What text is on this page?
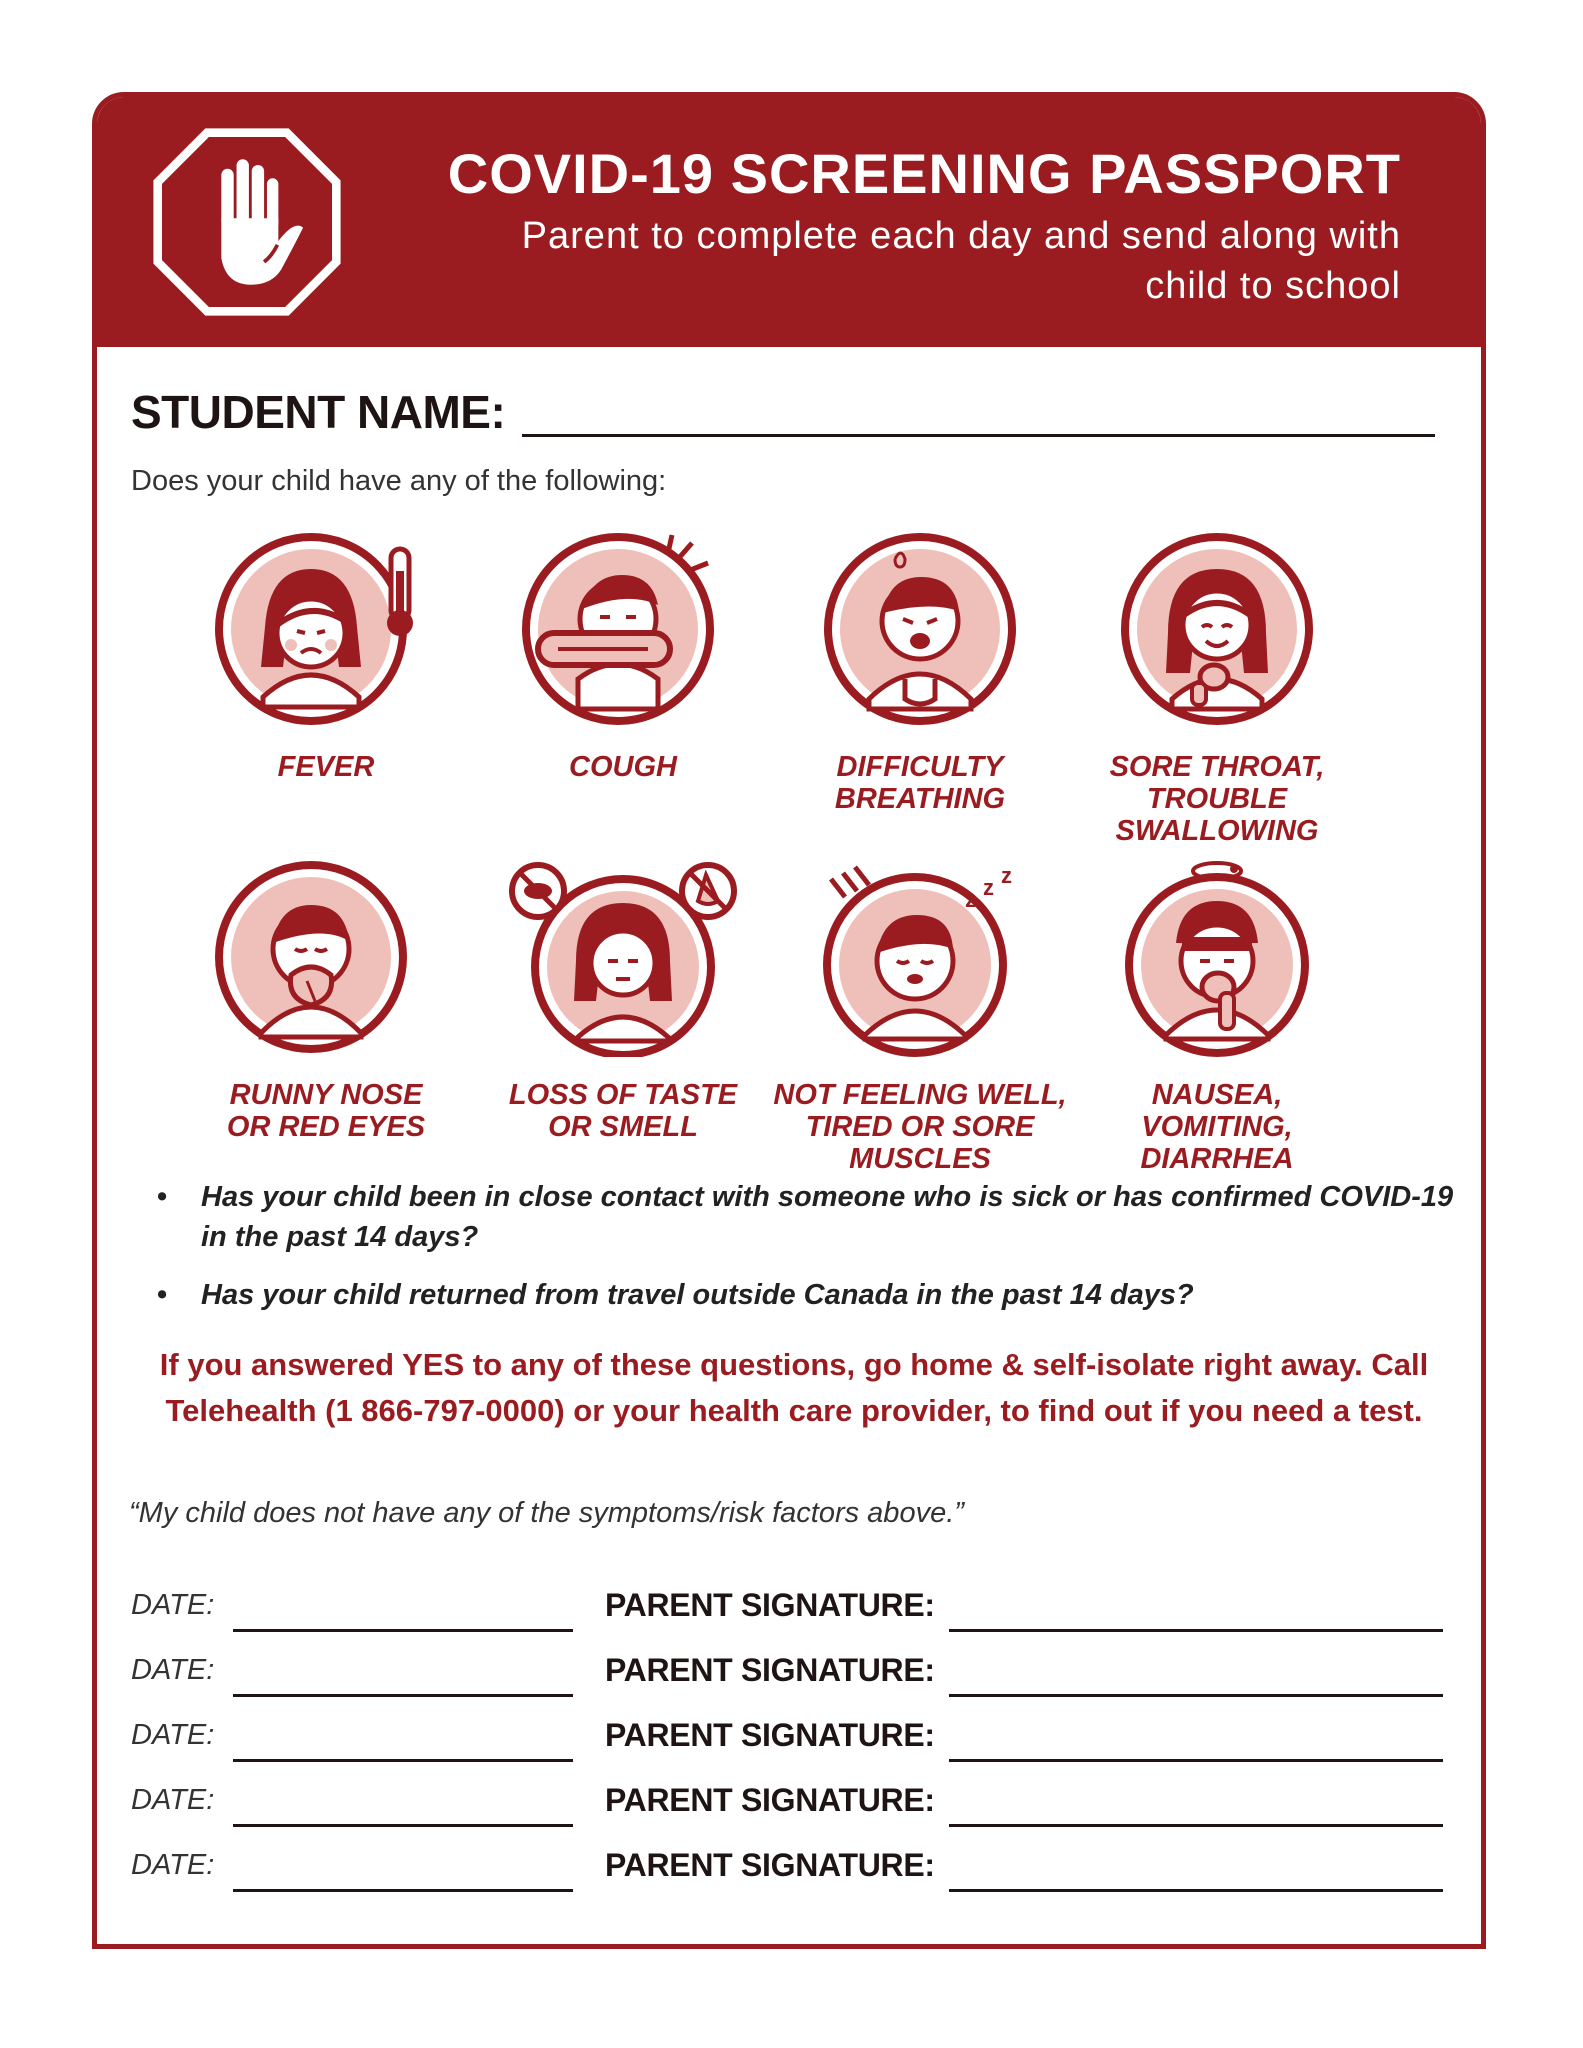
COVID-19 SCREENING PASSPORT
Parent to complete each day and send along with child to school
STUDENT NAME:
Does your child have any of the following:
FEVER	COUGH	DIFFICULTY
BREATHING
SORE THROAT,
TROUBLE
SWALLOWING
RUNNY NOSE
OR RED EYES
LOSS OF TASTE
OR SMELL
z z z
NOT FEELING WELL,
TIRED OR SORE
MUSCLES
NAUSEA,
VOMITING,
DIARRHEA
• Has your child been in close contact with someone who is sick or has confirmed COVID-19 in the past 14 days?
• Has your child returned from travel outside Canada in the past 14 days?
If you answered YES to any of these questions, go home & self-isolate right away. Call Telehealth (1 866-797-0000) or your health care provider, to find out if you need a test.
“My child does not have any of the symptoms/risk factors above.”
DATE:	PARENT SIGNATURE:
DATE:	PARENT SIGNATURE:
DATE:	PARENT SIGNATURE:
DATE:	PARENT SIGNATURE:
DATE:	PARENT SIGNATURE:
